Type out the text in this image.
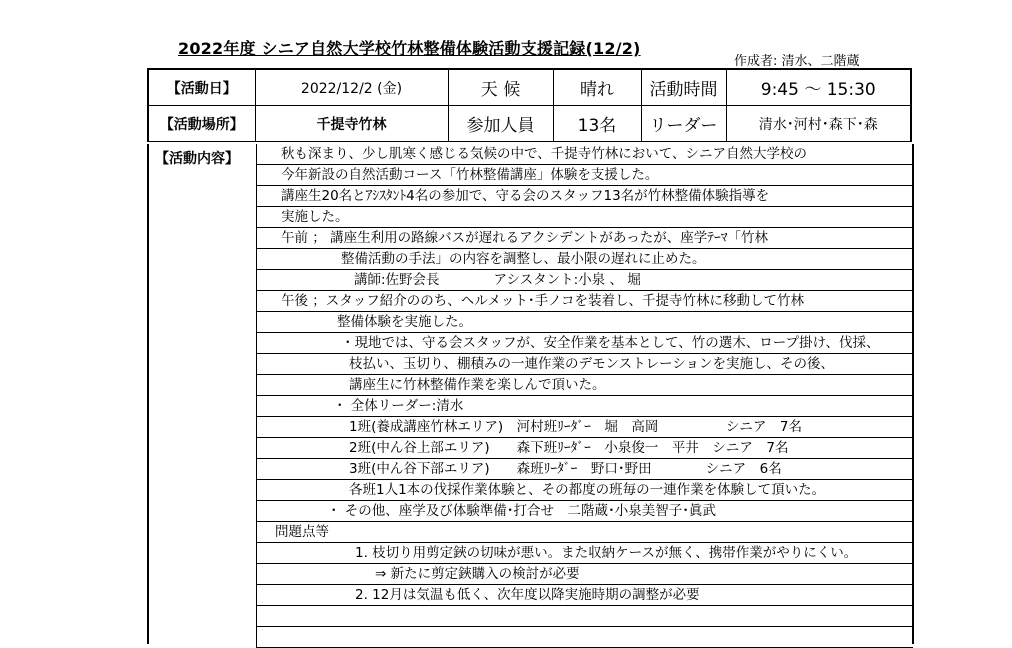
2022年度 シニア自然大学校竹林整備体験活動支援記録(12/2)
作成者: 清水、二階蔵
【活動日】	2022/12/2 (金)	天 候	晴れ	活動時間	9:45 ～ 15:30
【活動場所】	千提寺竹林	参加人員	13名	リーダー	清水･河村･森下･森
【活動内容】	秋も深まり、少し肌寒く感じる気候の中で、千提寺竹林において、シニア自然大学校の
今年新設の自然活動コース「竹林整備講座」体験を支援した。
講座生20名とｱｼｽﾀﾝﾄ4名の参加で、守る会のスタッフ13名が竹林整備体験指導を
実施した。
午前 ； 講座生利用の路線バスが遅れるアクシデントがあったが、座学ﾃｰﾏ「竹林
整備活動の手法」の内容を調整し、最小限の遅れに止めた。
講師:佐野会長　　　　アシスタント:小泉 、 堀
午後 ；スタッフ紹介ののち、ヘルメット･手ノコを装着し、千提寺竹林に移動して竹林
整備体験を実施した。
・現地では、守る会スタッフが、安全作業を基本として、竹の選木、ロープ掛け、伐採、
枝払い、玉切り、棚積みの一連作業のデモンストレーションを実施し、その後、
講座生に竹林整備作業を楽しんで頂いた。
・ 全体リーダー:清水
1班(養成講座竹林エリア)　河村班ﾘｰﾀﾞｰ　堀　高岡　　　　　シニア　7名
2班(中ん谷上部エリア)　　森下班ﾘｰﾀﾞｰ　小泉俊一　平井　シニア　7名
3班(中ん谷下部エリア)　　森班ﾘｰﾀﾞｰ　野口･野田　　　　シニア　6名
各班1人1本の伐採作業体験と、その都度の班毎の一連作業を体験して頂いた。
・ その他、座学及び体験準備･打合せ　二階蔵･小泉美智子･眞武
問題点等
1. 枝切り用剪定鋏の切味が悪い。また収納ケースが無く、携帯作業がやりにくい。
⇒ 新たに剪定鋏購入の検討が必要
2. 12月は気温も低く、次年度以降実施時期の調整が必要
